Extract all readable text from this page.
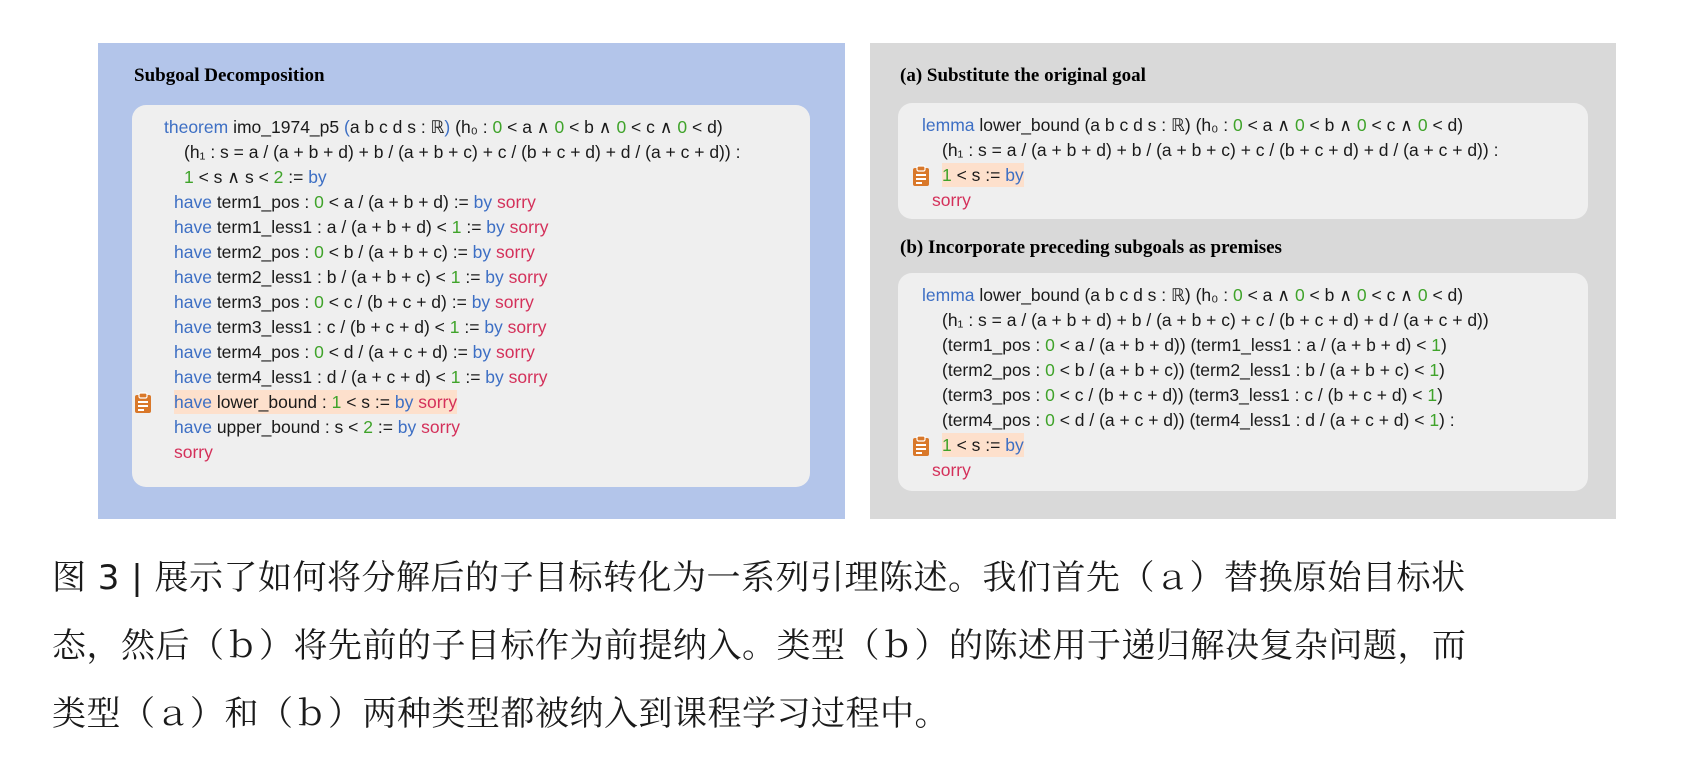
Subgoal Decomposition
theorem imo_1974_p5 (a b c d s : ℝ) (h₀ : 0 < a ∧ 0 < b ∧ 0 < c ∧ 0 < d)
(h₁ : s = a / (a + b + d) + b / (a + b + c) + c / (b + c + d) + d / (a + c + d)) :
1 < s ∧ s < 2 := by
have term1_pos : 0 < a / (a + b + d) := by sorry
have term1_less1 : a / (a + b + d) < 1 := by sorry
have term2_pos : 0 < b / (a + b + c) := by sorry
have term2_less1 : b / (a + b + c) < 1 := by sorry
have term3_pos : 0 < c / (b + c + d) := by sorry
have term3_less1 : c / (b + c + d) < 1 := by sorry
have term4_pos : 0 < d / (a + c + d) := by sorry
have term4_less1 : d / (a + c + d) < 1 := by sorry
have lower_bound : 1 < s := by sorry
have upper_bound : s < 2 := by sorry
sorry
(a) Substitute the original goal
lemma lower_bound (a b c d s : ℝ) (h₀ : 0 < a ∧ 0 < b ∧ 0 < c ∧ 0 < d)
(h₁ : s = a / (a + b + d) + b / (a + b + c) + c / (b + c + d) + d / (a + c + d)) :
1 < s := by
sorry
(b) Incorporate preceding subgoals as premises
lemma lower_bound (a b c d s : ℝ) (h₀ : 0 < a ∧ 0 < b ∧ 0 < c ∧ 0 < d)
(h₁ : s = a / (a + b + d) + b / (a + b + c) + c / (b + c + d) + d / (a + c + d))
(term1_pos : 0 < a / (a + b + d)) (term1_less1 : a / (a + b + d) < 1)
(term2_pos : 0 < b / (a + b + c)) (term2_less1 : b / (a + b + c) < 1)
(term3_pos : 0 < c / (b + c + d)) (term3_less1 : c / (b + c + d) < 1)
(term4_pos : 0 < d / (a + c + d)) (term4_less1 : d / (a + c + d) < 1) :
1 < s := by
sorry
图 3 | 展示了如何将分解后的子目标转化为一系列引理陈述。我们首先（ａ）替换原始目标状
态，然后（ｂ）将先前的子目标作为前提纳入。类型（ｂ）的陈述用于递归解决复杂问题，而
类型（ａ）和（ｂ）两种类型都被纳入到课程学习过程中。
